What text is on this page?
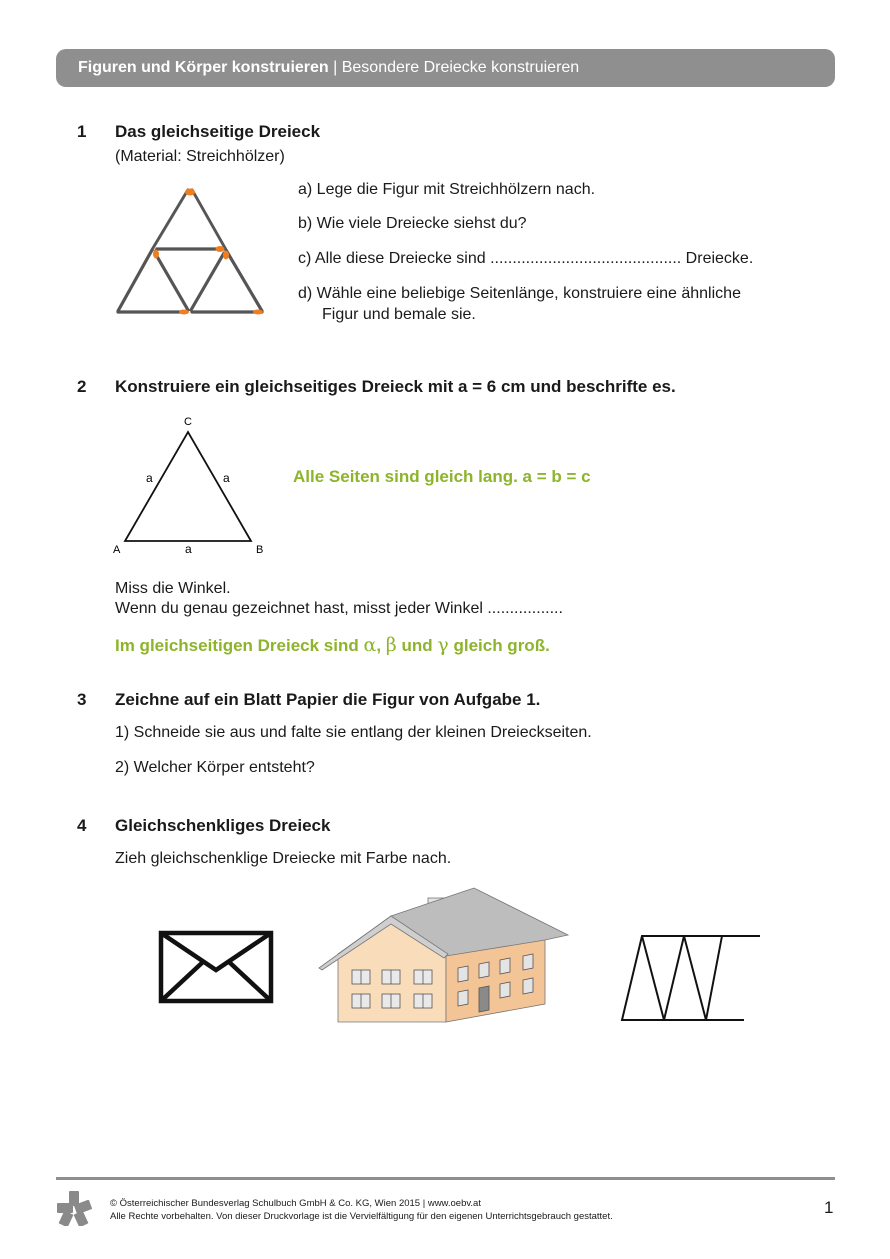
Figuren und Körper konstruieren | Besondere Dreiecke konstruieren
1 Das gleichseitige Dreieck
(Material: Streichhölzer)
a) Lege die Figur mit Streichhölzern nach.
b) Wie viele Dreiecke siehst du?
c) Alle diese Dreiecke sind ........................................... Dreiecke.
d) Wähle eine beliebige Seitenlänge, konstruiere eine ähnliche
Figur und bemale sie.
2 Konstruiere ein gleichseitiges Dreieck mit a = 6 cm und beschrifte es.
C
A	B
a	a
a
Alle Seiten sind gleich lang. a = b = c
Miss die Winkel.
Wenn du genau gezeichnet hast, misst jeder Winkel .................
Im gleichseitigen Dreieck sind α, β und γ gleich groß.
3 Zeichne auf ein Blatt Papier die Figur von Aufgabe 1.
1) Schneide sie aus und falte sie entlang der kleinen Dreieckseiten.
2) Welcher Körper entsteht?
4 Gleichschenkliges Dreieck
Zieh gleichschenklige Dreiecke mit Farbe nach.
© Österreichischer Bundesverlag Schulbuch GmbH & Co. KG, Wien 2015 | www.oebv.at
Alle Rechte vorbehalten. Von dieser Druckvorlage ist die Vervielfältigung für den eigenen Unterrichtsgebrauch gestattet.	1
